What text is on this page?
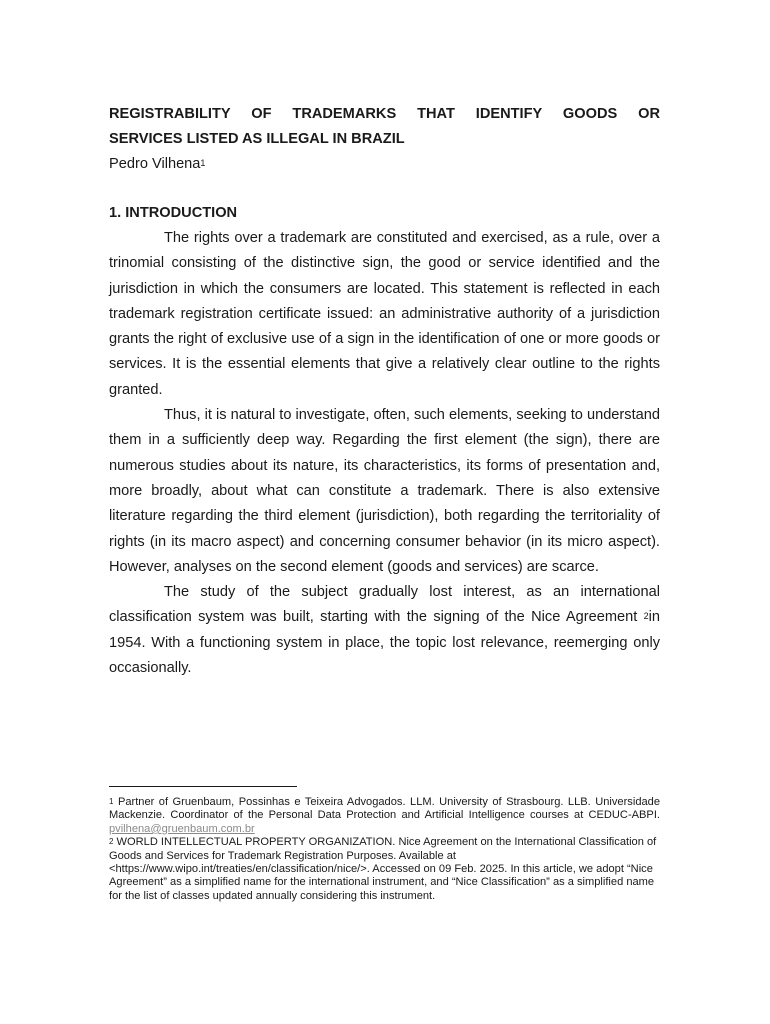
REGISTRABILITY OF TRADEMARKS THAT IDENTIFY GOODS OR
SERVICES LISTED AS ILLEGAL IN BRAZIL

Pedro Vilhena$^1$

1. INTRODUCTION

The rights over a trademark are constituted and exercised, as a rule, over a trinomial consisting of the distinctive sign, the good or service identified and the jurisdiction in which the consumers are located. This statement is reflected in each trademark registration certificate issued: an administrative authority of a jurisdiction grants the right of exclusive use of a sign in the identification of one or more goods or services. It is the essential elements that give a relatively clear outline to the rights granted.

Thus, it is natural to investigate, often, such elements, seeking to understand them in a sufficiently deep way. Regarding the first element (the sign), there are numerous studies about its nature, its characteristics, its forms of presentation and, more broadly, about what can constitute a trademark. There is also extensive literature regarding the third element (jurisdiction), both regarding the territoriality of rights (in its macro aspect) and concerning consumer behavior (in its micro aspect). However, analyses on the second element (goods and services) are scarce.

The study of the subject gradually lost interest, as an international classification system was built, starting with the signing of the Nice Agreement $^2$in 1954. With a functioning system in place, the topic lost relevance, reemerging only occasionally.

$^1$ Partner of Gruenbaum, Possinhas e Teixeira Advogados. LLM. University of Strasbourg. LLB. Universidade Mackenzie. Coordinator of the Personal Data Protection and Artificial Intelligence courses at CEDUC-ABPI. pvilhena@gruenbaum.com.br

$^2$ WORLD INTELLECTUAL PROPERTY ORGANIZATION. Nice Agreement on the International Classification of Goods and Services for Trademark Registration Purposes. Available at <https://www.wipo.int/treaties/en/classification/nice/>. Accessed on 09 Feb. 2025. In this article, we adopt “Nice Agreement” as a simplified name for the international instrument, and “Nice Classification” as a simplified name for the list of classes updated annually considering this instrument.
